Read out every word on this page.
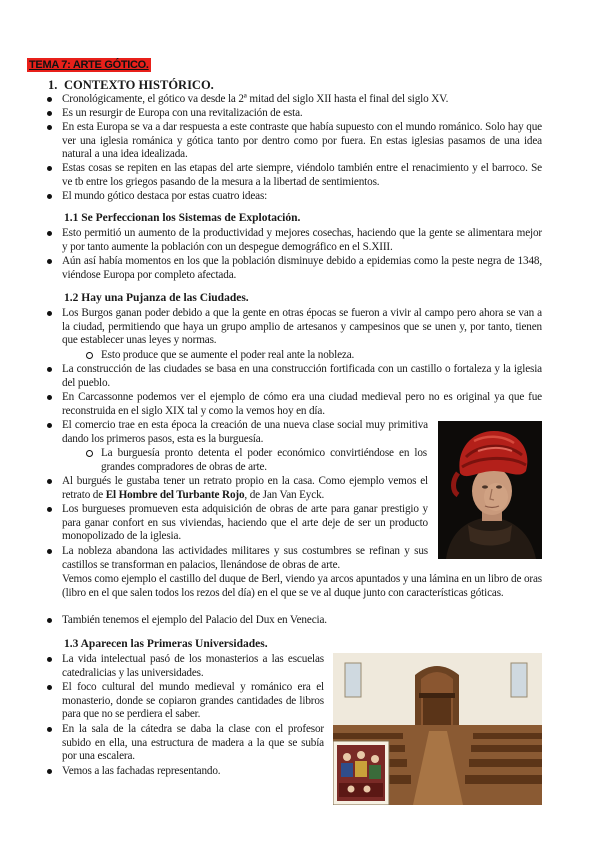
TEMA 7: ARTE GÓTICO.
1. CONTEXTO HISTÓRICO.
Cronológicamente, el gótico va desde la 2ª mitad del siglo XII hasta el final del siglo XV.
Es un resurgir de Europa con una revitalización de esta.
En esta Europa se va a dar respuesta a este contraste que había supuesto con el mundo románico. Solo hay que ver una iglesia románica y gótica tanto por dentro como por fuera. En estas iglesias pasamos de una idea natural a una idea idealizada.
Estas cosas se repiten en las etapas del arte siempre, viéndolo también entre el renacimiento y el barroco. Se ve tb entre los griegos pasando de la mesura a la libertad de sentimientos.
El mundo gótico destaca por estas cuatro ideas:
1.1 Se Perfeccionan los Sistemas de Explotación.
Esto permitió un aumento de la productividad y mejores cosechas, haciendo que la gente se alimentara mejor y por tanto aumente la población con un despegue demográfico en el S.XIII.
Aún así había momentos en los que la población disminuye debido a epidemias como la peste negra de 1348, viéndose Europa por completo afectada.
1.2 Hay una Pujanza de las Ciudades.
Los Burgos ganan poder debido a que la gente en otras épocas se fueron a vivir al campo pero ahora se van a la ciudad, permitiendo que haya un grupo amplio de artesanos y campesinos que se unen y, por tanto, tienen que establecer unas leyes y normas.
Esto produce que se aumente el poder real ante la nobleza.
La construcción de las ciudades se basa en una construcción fortificada con un castillo o fortaleza y la iglesia del pueblo.
En Carcassonne podemos ver el ejemplo de cómo era una ciudad medieval pero no es original ya que fue reconstruida en el siglo XIX tal y como la vemos hoy en día.
El comercio trae en esta época la creación de una nueva clase social muy primitiva dando los primeros pasos, esta es la burguesía.
La burguesía pronto detenta el poder económico convirtiéndose en los grandes compradores de obras de arte.
Al burgués le gustaba tener un retrato propio en la casa. Como ejemplo vemos el retrato de El Hombre del Turbante Rojo, de Jan Van Eyck.
Los burgueses promueven esta adquisición de obras de arte para ganar prestigio y para ganar confort en sus viviendas, haciendo que el arte deje de ser un producto monopolizado de la iglesia.
La nobleza abandona las actividades militares y sus costumbres se refinan y sus castillos se transforman en palacios, llenándose de obras de arte.
Vemos como ejemplo el castillo del duque de Berl, viendo ya arcos apuntados y una lámina en un libro de oras (libro en el que salen todos los rezos del día) en el que se ve al duque junto con características góticas.
También tenemos el ejemplo del Palacio del Dux en Venecia.
1.3 Aparecen las Primeras Universidades.
La vida intelectual pasó de los monasterios a las escuelas catedralicias y las universidades.
El foco cultural del mundo medieval y románico era el monasterio, donde se copiaron grandes cantidades de libros para que no se perdiera el saber.
En la sala de la cátedra se daba la clase con el profesor subido en ella, una estructura de madera a la que se subía por una escalera.
Vemos a las fachadas representando.
